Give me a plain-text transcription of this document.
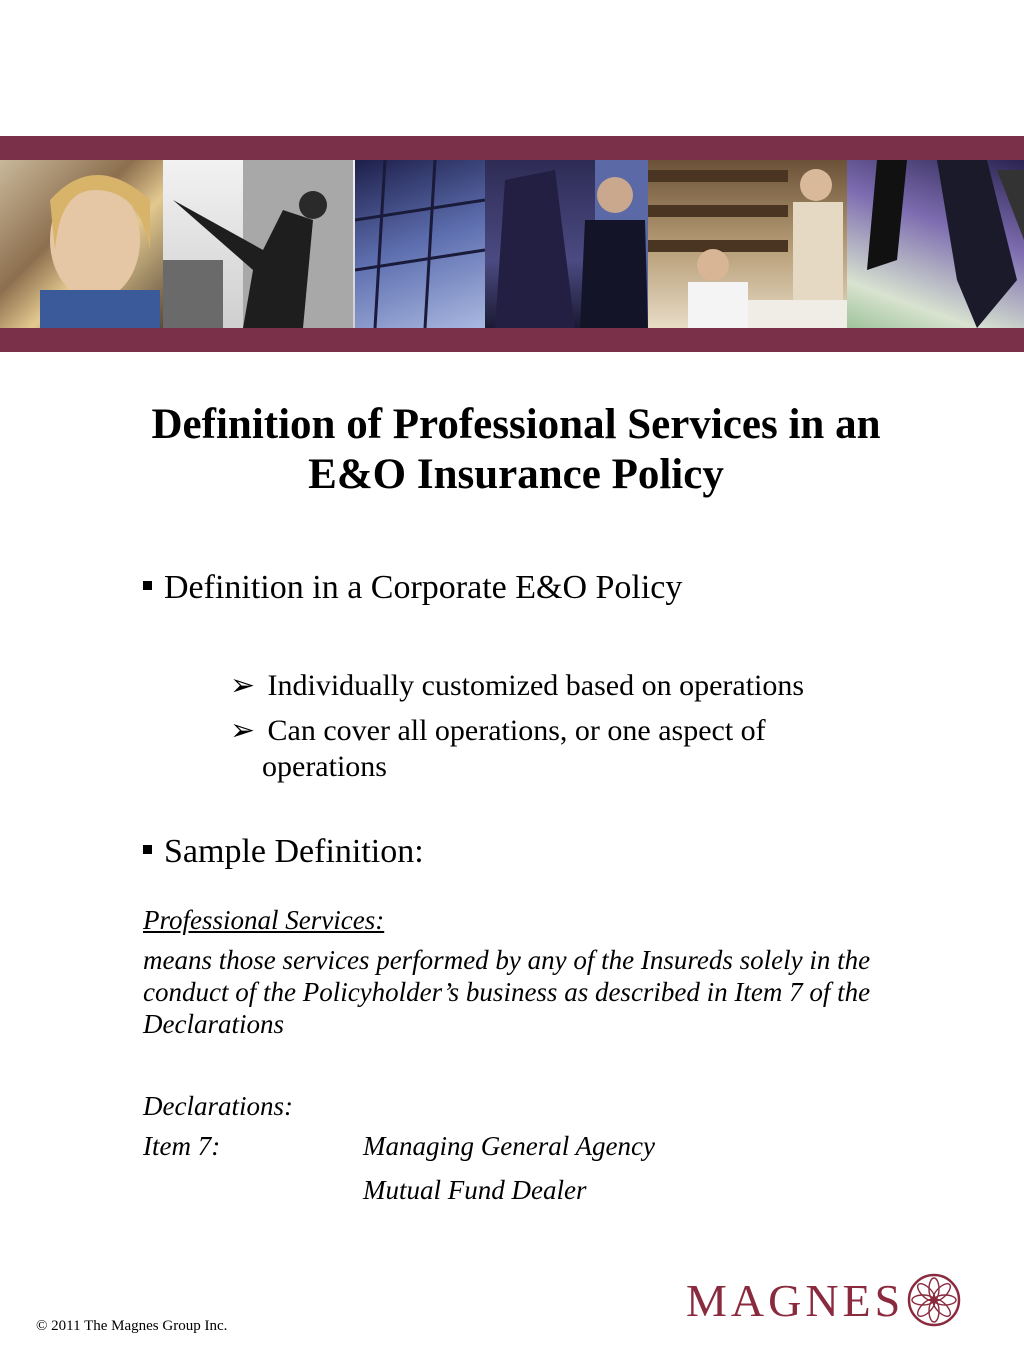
Definition of Professional Services in an
E&O Insurance Policy
Definition in a Corporate E&O Policy
➢ Individually customized based on operations
➢ Can cover all operations, or one aspect of
operations
Sample Definition:
Professional Services:
means those services performed by any of the Insureds solely in the conduct of the Policyholder’s business as described in Item 7 of the Declarations
Declarations:
Item 7:	Managing General Agency
Mutual Fund Dealer
MAGNES
© 2011 The Magnes Group Inc.
